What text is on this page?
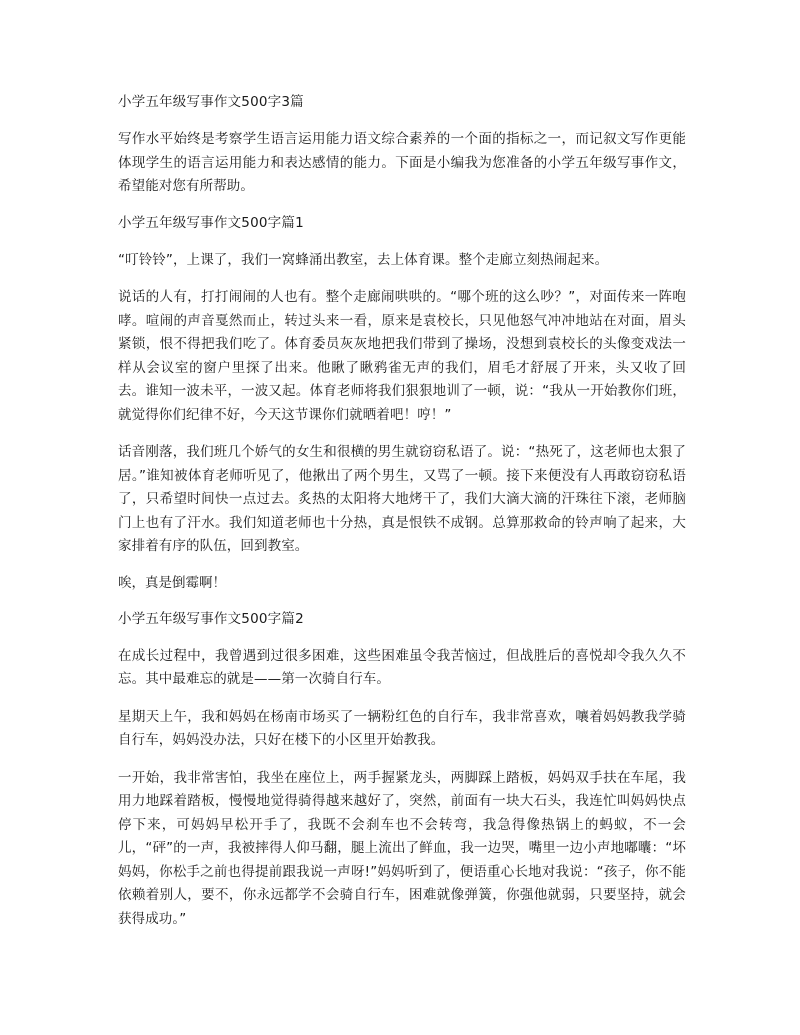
小学五年级写事作文500字3篇
写作水平始终是考察学生语言运用能力语文综合素养的一个面的指标之一，而记叙文写作更能体现学生的语言运用能力和表达感情的能力。下面是小编我为您准备的小学五年级写事作文，希望能对您有所帮助。
小学五年级写事作文500字篇1
“叮铃铃”，上课了，我们一窝蜂涌出教室，去上体育课。整个走廊立刻热闹起来。
说话的人有，打打闹闹的人也有。整个走廊闹哄哄的。“哪个班的这么吵？”，对面传来一阵咆哮。喧闹的声音戛然而止，转过头来一看，原来是袁校长，只见他怒气冲冲地站在对面，眉头紧锁，恨不得把我们吃了。体育委员灰灰地把我们带到了操场，没想到袁校长的头像变戏法一样从会议室的窗户里探了出来。他瞅了瞅鸦雀无声的我们，眉毛才舒展了开来，头又收了回去。谁知一波未平，一波又起。体育老师将我们狠狠地训了一顿，说：“我从一开始教你们班，就觉得你们纪律不好，今天这节课你们就晒着吧！哼！”
话音刚落，我们班几个娇气的女生和很横的男生就窃窃私语了。说：“热死了，这老师也太狠了居。”谁知被体育老师听见了，他揪出了两个男生，又骂了一顿。接下来便没有人再敢窃窃私语了，只希望时间快一点过去。炙热的太阳将大地烤干了，我们大滴大滴的汗珠往下滚，老师脑门上也有了汗水。我们知道老师也十分热，真是恨铁不成钢。总算那救命的铃声响了起来，大家排着有序的队伍，回到教室。
唉，真是倒霉啊！
小学五年级写事作文500字篇2
在成长过程中，我曾遇到过很多困难，这些困难虽令我苦恼过，但战胜后的喜悦却令我久久不忘。其中最难忘的就是——第一次骑自行车。
星期天上午，我和妈妈在杨南市场买了一辆粉红色的自行车，我非常喜欢，嚷着妈妈教我学骑自行车，妈妈没办法，只好在楼下的小区里开始教我。
一开始，我非常害怕，我坐在座位上，两手握紧龙头，两脚踩上踏板，妈妈双手扶在车尾，我用力地踩着踏板，慢慢地觉得骑得越来越好了，突然，前面有一块大石头，我连忙叫妈妈快点停下来，可妈妈早松开手了，我既不会刹车也不会转弯，我急得像热锅上的蚂蚁，不一会儿，“砰”的一声，我被摔得人仰马翻，腿上流出了鲜血，我一边哭，嘴里一边小声地嘟囔：“坏妈妈，你松手之前也得提前跟我说一声呀!”妈妈听到了，便语重心长地对我说：“孩子，你不能依赖着别人，要不，你永远都学不会骑自行车，困难就像弹簧，你强他就弱，只要坚持，就会获得成功。”
